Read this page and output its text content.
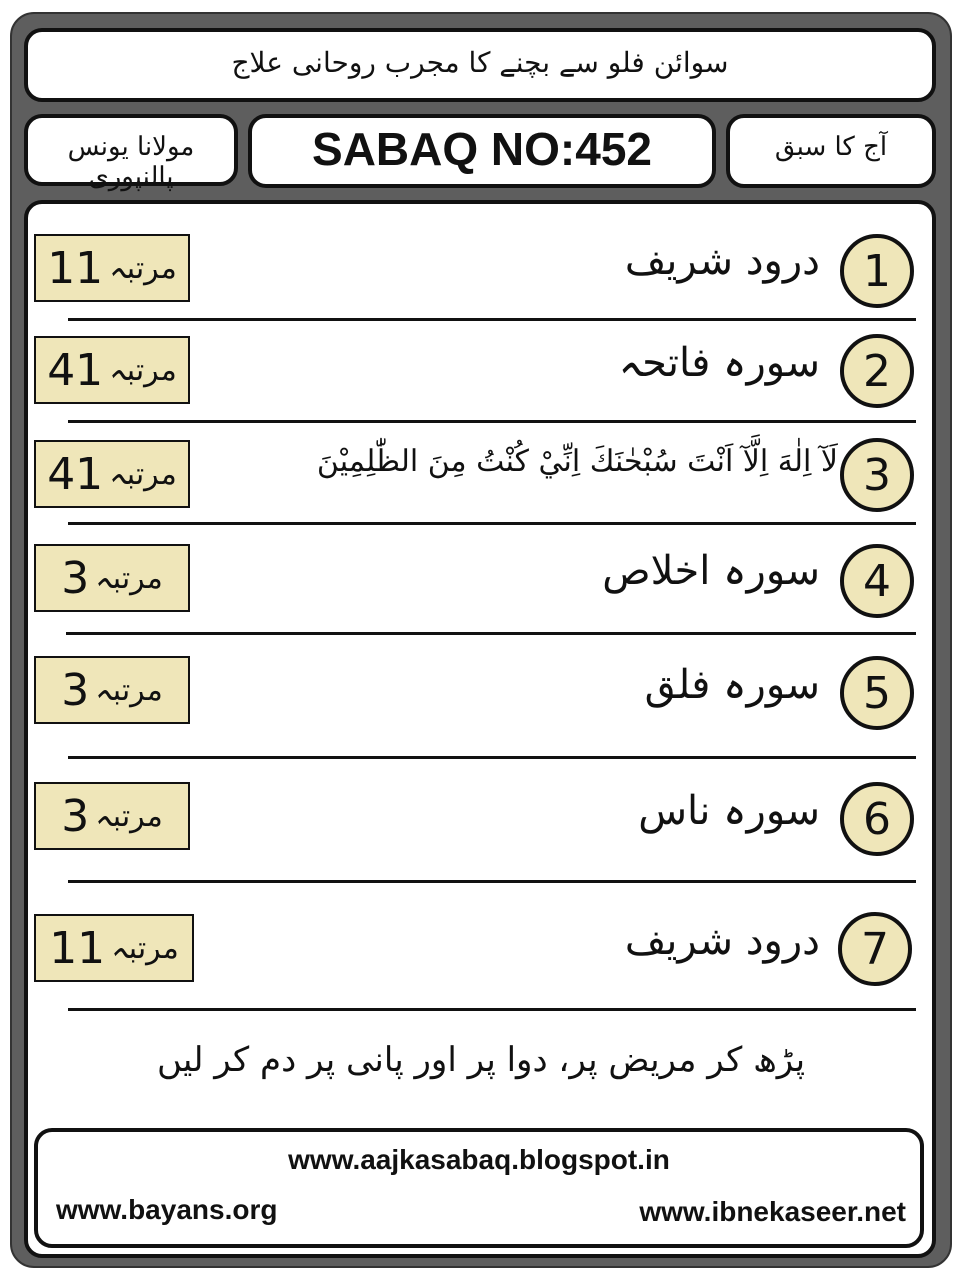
سوائن فلو سے بچنے کا مجرب روحانی علاج
مولانا یونس پالنپوری
SABAQ NO:452	آج کا سبق
11 مرتبہ	درود شریف 1
41 مرتبہ	سورہ فاتحہ 2
41 مرتبہ	لَآ اِلٰهَ اِلَّآ اَنْتَ سُبْحٰنَكَ اِنِّيْ كُنْتُ مِنَ الظّٰلِمِيْنَ 3
3 مرتبہ	سورہ اخلاص 4
3 مرتبہ	سورہ فلق 5
3 مرتبہ	سورہ ناس 6
11 مرتبہ	درود شریف 7
پڑھ کر مریض پر، دوا پر اور پانی پر دم کر لیں
www.aajkasabaq.blogspot.in
www.bayans.org	www.ibnekaseer.net
